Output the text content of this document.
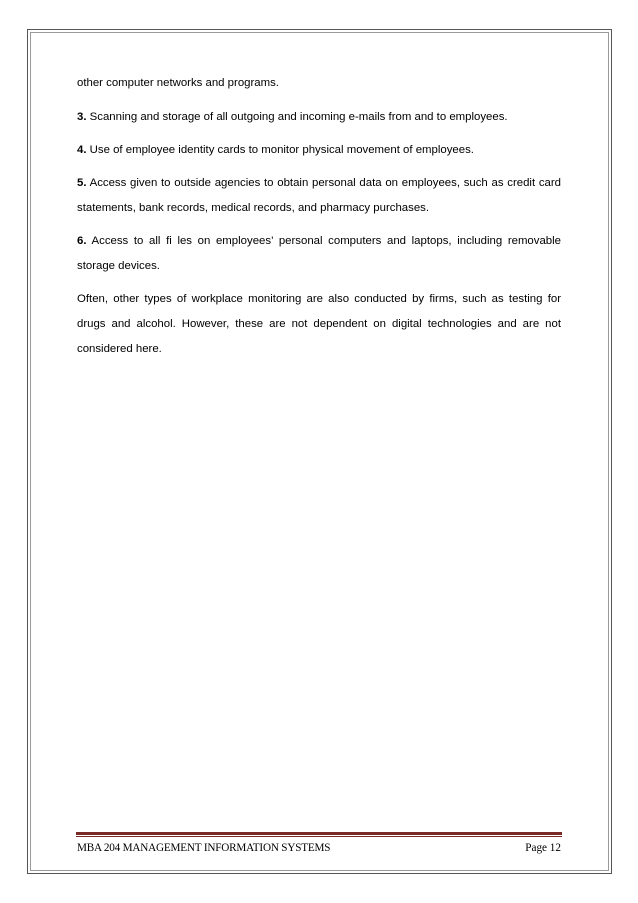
other computer networks and programs.

3. Scanning and storage of all outgoing and incoming e-mails from and to employees.

4. Use of employee identity cards to monitor physical movement of employees.

5. Access given to outside agencies to obtain personal data on employees, such as credit card statements, bank records, medical records, and pharmacy purchases.

6. Access to all fi les on employees’ personal computers and laptops, including removable storage devices.

Often, other types of workplace monitoring are also conducted by firms, such as testing for drugs and alcohol. However, these are not dependent on digital technologies and are not considered here.

MBA 204 MANAGEMENT INFORMATION SYSTEMS	Page 12
